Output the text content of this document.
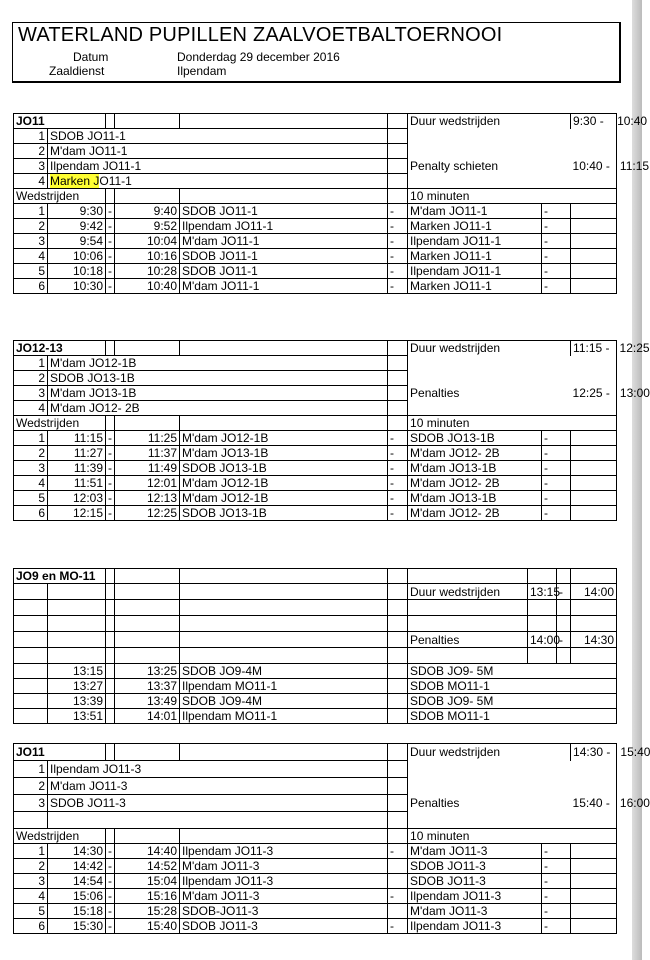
WATERLAND PUPILLEN ZAALVOETBALTOERNOOI
Datum	Donderdag 29 december 2016
Zaaldienst	Ilpendam
JO11						Duur wedstrijden		9:30 -    10:40
1	SDOB JO11-1							
2	M'dam JO11-1							
3	Ilpendam JO11-1					Penalty schieten		10:40 -   11:15
4	Marken JO11-1							
Wedstrijden						10 minuten		
1	9:30	-	9:40	SDOB JO11-1	-	M'dam JO11-1	-	
2	9:42	-	9:52	Ilpendam JO11-1	-	Marken JO11-1	-	
3	9:54	-	10:04	M'dam JO11-1	-	Ilpendam JO11-1	-	
4	10:06	-	10:16	SDOB JO11-1	-	Marken JO11-1	-	
5	10:18	-	10:28	SDOB JO11-1	-	Ilpendam JO11-1	-	
6	10:30	-	10:40	M'dam JO11-1	-	Marken JO11-1	-	
JO12-13						Duur wedstrijden		11:15 -   12:25
1	M'dam JO12-1B							
2	SDOB JO13-1B							
3	M'dam JO13-1B					Penalties		12:25 -   13:00
4	M'dam JO12- 2B							
Wedstrijden						10 minuten		
1	11:15	-	11:25	M'dam JO12-1B	-	SDOB JO13-1B	-	
2	11:27	-	11:37	M'dam JO13-1B	-	M'dam JO12- 2B	-	
3	11:39	-	11:49	SDOB JO13-1B	-	M'dam JO13-1B	-	
4	11:51	-	12:01	M'dam JO12-1B	-	M'dam JO12- 2B	-	
5	12:03	-	12:13	M'dam JO12-1B	-	M'dam JO13-1B	-	
6	12:15	-	12:25	SDOB JO13-1B	-	M'dam JO12- 2B	-	
JO9 en MO-11									
						Duur wedstrijden	13:15	-	14:00

						Penalties	14:00	-	14:30

	13:15		13:25	SDOB JO9-4M		SDOB JO9- 5M			
	13:27		13:37	Ilpendam MO11-1		SDOB MO11-1			
	13:39		13:49	SDOB JO9-4M		SDOB JO9- 5M			
	13:51		14:01	Ilpendam MO11-1		SDOB MO11-1			
JO11						Duur wedstrijden		14:30 -   15:40
1	Ilpendam JO11-3							
2	M'dam JO11-3							
3	SDOB JO11-3					Penalties		15:40 -   16:00

Wedstrijden						10 minuten		
1	14:30	-	14:40	Ilpendam JO11-3	-	M'dam JO11-3	-	
2	14:42	-	14:52	M'dam JO11-3		SDOB JO11-3	-	
3	14:54	-	15:04	Ilpendam JO11-3		SDOB JO11-3	-	
4	15:06	-	15:16	M'dam JO11-3	-	Ilpendam JO11-3	-	
5	15:18	-	15:28	SDOB-JO11-3		M'dam JO11-3	-	
6	15:30	-	15:40	SDOB JO11-3	-	Ilpendam JO11-3	-	
